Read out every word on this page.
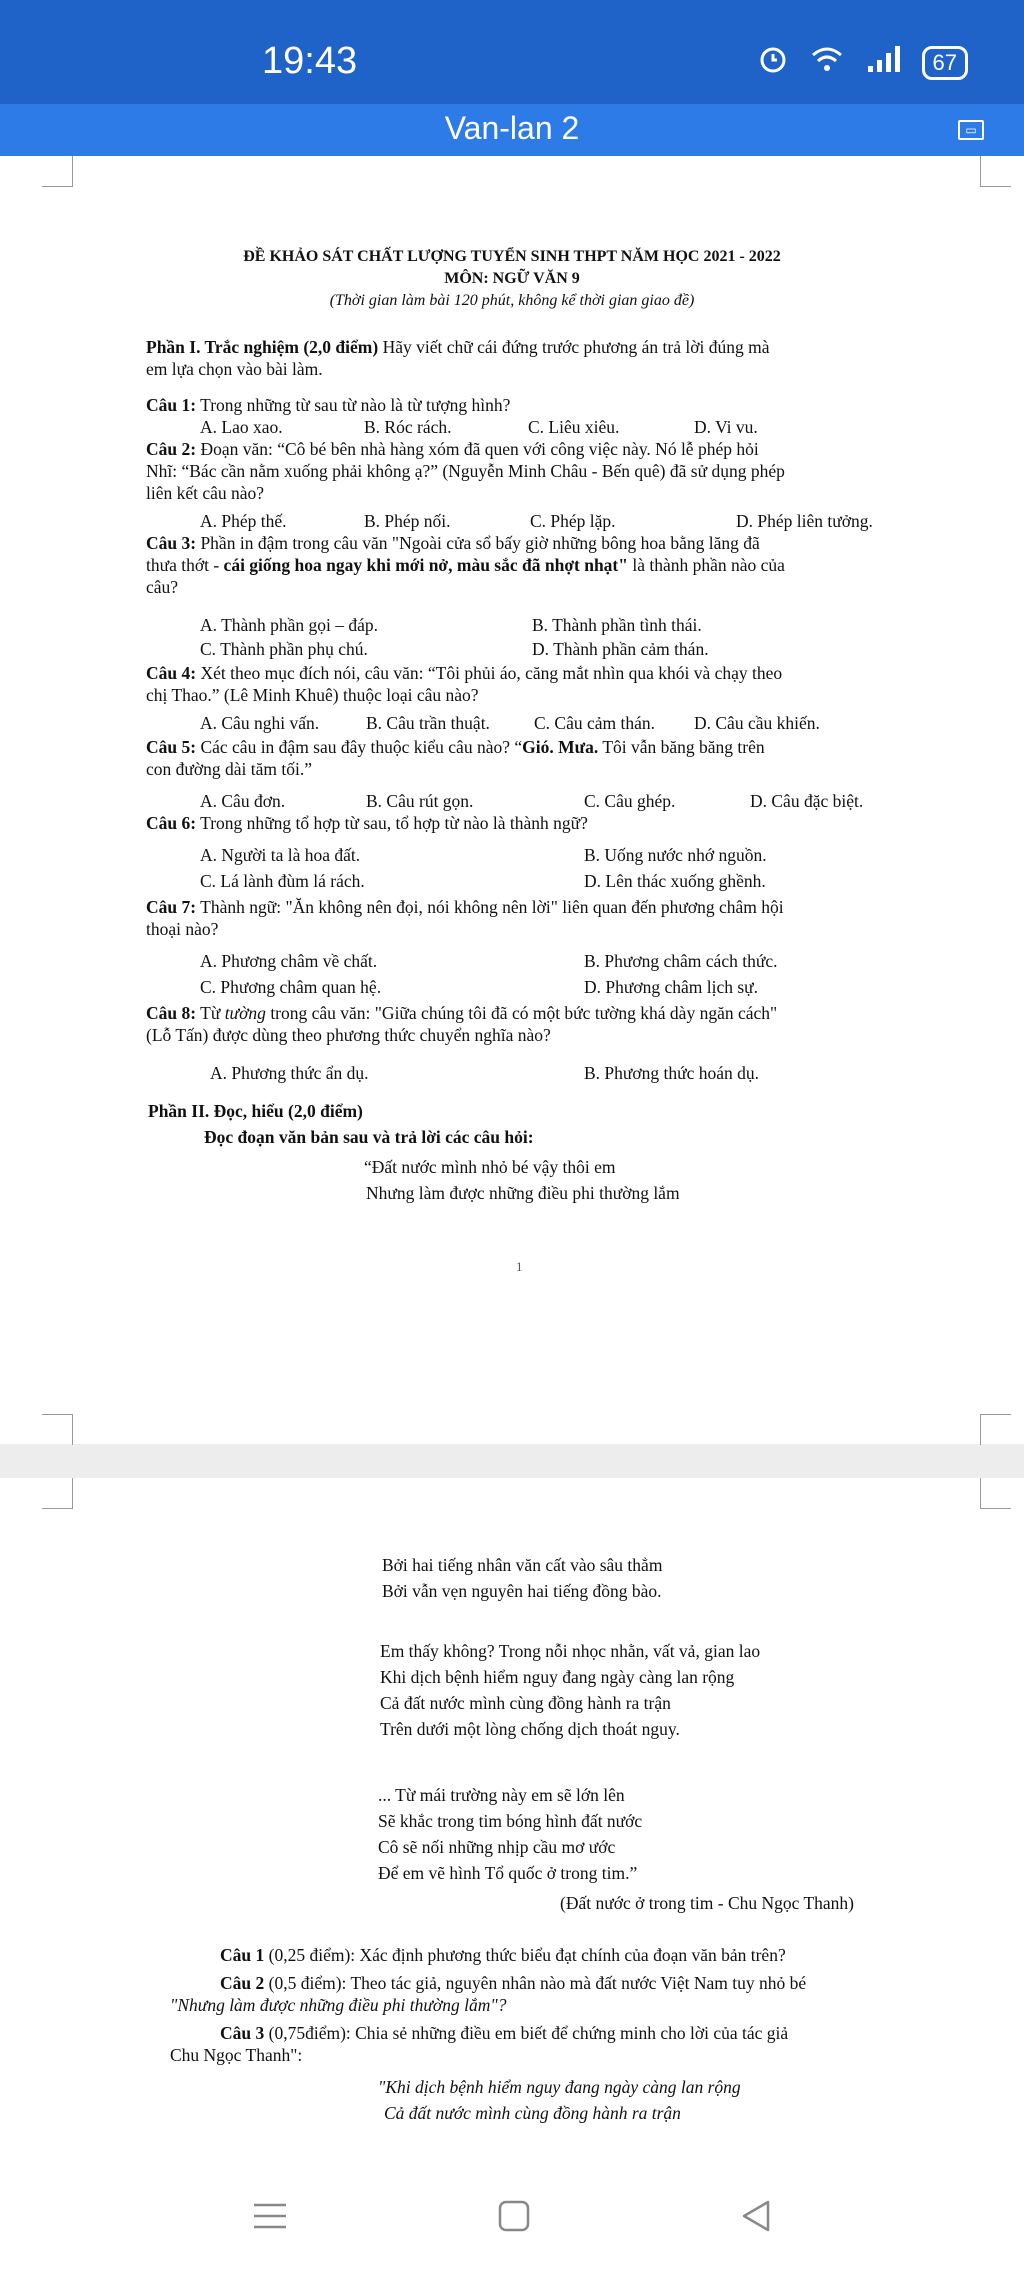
19:43	67
Van-lan 2	▭
ĐỀ KHẢO SÁT CHẤT LƯỢNG TUYỂN SINH THPT NĂM HỌC 2021 - 2022
MÔN: NGỮ VĂN 9
(Thời gian làm bài 120 phút, không kể thời gian giao đề)
Phần I. Trắc nghiệm (2,0 điểm) Hãy viết chữ cái đứng trước phương án trả lời đúng mà
em lựa chọn vào bài làm.
Câu 1: Trong những từ sau từ nào là từ tượng hình?
A. Lao xao.	B. Róc rách.	C. Liêu xiêu.	D. Vi vu.
Câu 2: Đoạn văn: “Cô bé bên nhà hàng xóm đã quen với công việc này. Nó lễ phép hỏi
Nhĩ: “Bác cần nằm xuống phải không ạ?” (Nguyễn Minh Châu - Bến quê) đã sử dụng phép
liên kết câu nào?
A. Phép thế.	B. Phép nối.	C. Phép lặp.	D. Phép liên tưởng.
Câu 3: Phần in đậm trong câu văn "Ngoài cửa sổ bấy giờ những bông hoa bằng lăng đã
thưa thớt - cái giống hoa ngay khi mới nở, màu sắc đã nhợt nhạt" là thành phần nào của
câu?
A. Thành phần gọi – đáp.	B. Thành phần tình thái.
C. Thành phần phụ chú.	D. Thành phần cảm thán.
Câu 4: Xét theo mục đích nói, câu văn: “Tôi phủi áo, căng mắt nhìn qua khói và chạy theo
chị Thao.” (Lê Minh Khuê) thuộc loại câu nào?
A. Câu nghi vấn.	B. Câu trần thuật.	C. Câu cảm thán. D. Câu cầu khiến.
Câu 5: Các câu in đậm sau đây thuộc kiểu câu nào? “Gió. Mưa. Tôi vẫn băng băng trên
con đường dài tăm tối.”
A. Câu đơn.	B. Câu rút gọn.	C. Câu ghép.	D. Câu đặc biệt.
Câu 6: Trong những tổ hợp từ sau, tổ hợp từ nào là thành ngữ?
A. Người ta là hoa đất.	B. Uống nước nhớ nguồn.
C. Lá lành đùm lá rách.	D. Lên thác xuống ghềnh.
Câu 7: Thành ngữ: "Ăn không nên đọi, nói không nên lời" liên quan đến phương châm hội
thoại nào?
A. Phương châm về chất.	B. Phương châm cách thức.
C. Phương châm quan hệ.	D. Phương châm lịch sự.
Câu 8: Từ tường trong câu văn: "Giữa chúng tôi đã có một bức tường khá dày ngăn cách"
(Lỗ Tấn) được dùng theo phương thức chuyển nghĩa nào?
A. Phương thức ẩn dụ.	B. Phương thức hoán dụ.
Phần II. Đọc, hiểu (2,0 điểm)
Đọc đoạn văn bản sau và trả lời các câu hỏi:
“Đất nước mình nhỏ bé vậy thôi em
Nhưng làm được những điều phi thường lắm
1
Bởi hai tiếng nhân văn cất vào sâu thẳm
Bởi vẫn vẹn nguyên hai tiếng đồng bào.
Em thấy không? Trong nỗi nhọc nhằn, vất vả, gian lao
Khi dịch bệnh hiểm nguy đang ngày càng lan rộng
Cả đất nước mình cùng đồng hành ra trận
Trên dưới một lòng chống dịch thoát nguy.
... Từ mái trường này em sẽ lớn lên
Sẽ khắc trong tim bóng hình đất nước
Cô sẽ nối những nhịp cầu mơ ước
Để em vẽ hình Tổ quốc ở trong tim.”
(Đất nước ở trong tim - Chu Ngọc Thanh)
Câu 1 (0,25 điểm): Xác định phương thức biểu đạt chính của đoạn văn bản trên?
Câu 2 (0,5 điểm): Theo tác giả, nguyên nhân nào mà đất nước Việt Nam tuy nhỏ bé
"Nhưng làm được những điều phi thường lắm"?
Câu 3 (0,75điểm): Chia sẻ những điều em biết để chứng minh cho lời của tác giả
Chu Ngọc Thanh":
"Khi dịch bệnh hiểm nguy đang ngày càng lan rộng
Cả đất nước mình cùng đồng hành ra trận
